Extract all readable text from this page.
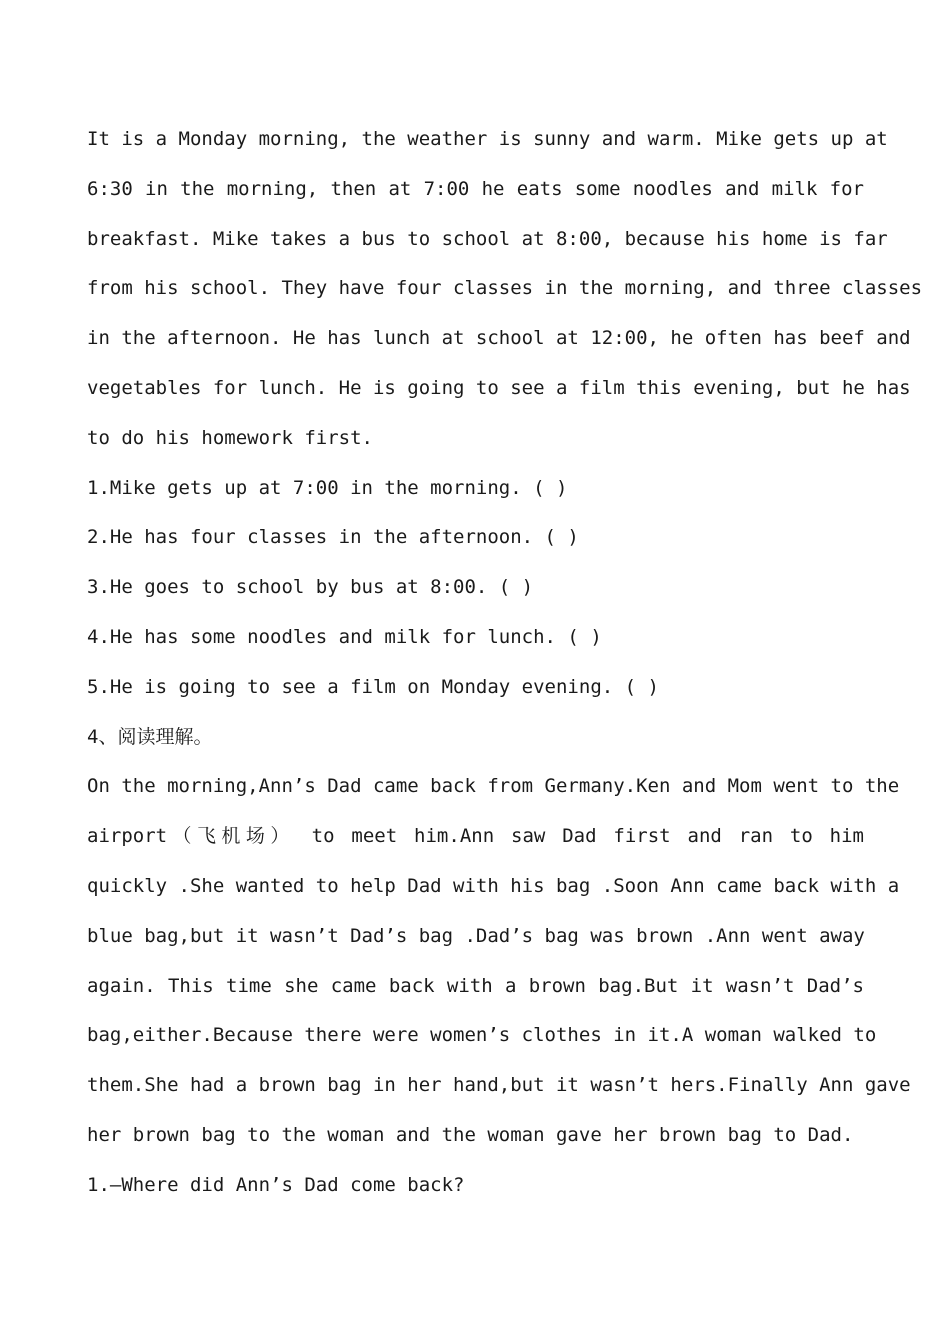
It is a Monday morning, the weather is sunny and warm. Mike gets up at
6:30 in the morning, then at 7:00 he eats some noodles and milk for
breakfast. Mike takes a bus to school at 8:00, because his home is far
from his school. They have four classes in the morning, and three classes
in the afternoon. He has lunch at school at 12:00, he often has beef and
vegetables for lunch. He is going to see a film this evening, but he has
to do his homework first.
1.Mike gets up at 7:00 in the morning. ( )
2.He has four classes in the afternoon. ( )
3.He goes to school by bus at 8:00. ( )
4.He has some noodles and milk for lunch. ( )
5.He is going to see a film on Monday evening. ( )
4、阅读理解。
On the morning,Ann’s Dad came back from Germany.Ken and Mom went to the
airport（飞机场） to meet him.Ann saw Dad first and ran to him
quickly .She wanted to help Dad with his bag .Soon Ann came back with a
blue bag,but it wasn’t Dad’s bag .Dad’s bag was brown .Ann went away
again. This time she came back with a brown bag.But it wasn’t Dad’s
bag,either.Because there were women’s clothes in it.A woman walked to
them.She had a brown bag in her hand,but it wasn’t hers.Finally Ann gave
her brown bag to the woman and the woman gave her brown bag to Dad.
1.—Where did Ann’s Dad come back?
